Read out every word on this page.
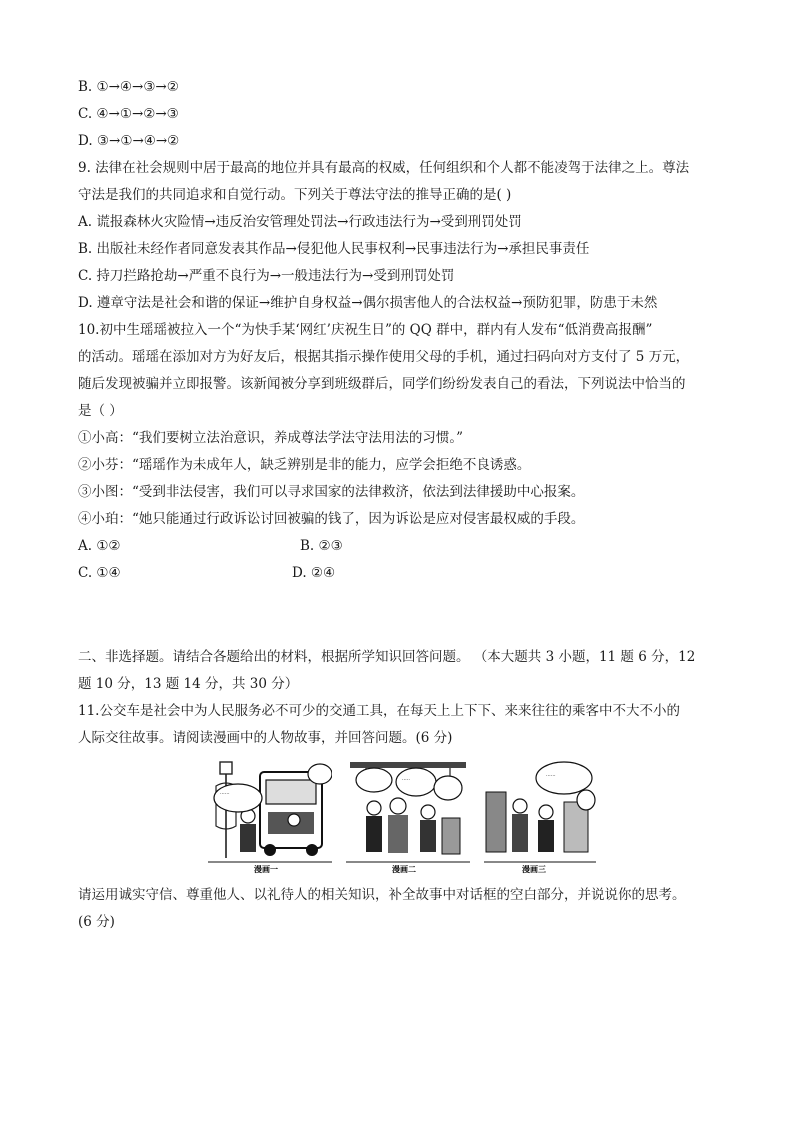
B. ①→④→③→②
C. ④→①→②→③
D. ③→①→④→②
9. 法律在社会规则中居于最高的地位并具有最高的权威，任何组织和个人都不能凌驾于法律之上。尊法
守法是我们的共同追求和自觉行动。下列关于尊法守法的推导正确的是( )
A. 谎报森林火灾险情→违反治安管理处罚法→行政违法行为→受到刑罚处罚
B. 出版社未经作者同意发表其作品→侵犯他人民事权利→民事违法行为→承担民事责任
C. 持刀拦路抢劫→严重不良行为→一般违法行为→受到刑罚处罚
D. 遵章守法是社会和谐的保证→维护自身权益→偶尔损害他人的合法权益→预防犯罪，防患于未然
10.初中生瑶瑶被拉入一个“为快手某‘网红’庆祝生日”的 QQ 群中，群内有人发布“低消费高报酬”
的活动。瑶瑶在添加对方为好友后，根据其指示操作使用父母的手机，通过扫码向对方支付了 5 万元，
随后发现被骗并立即报警。该新闻被分享到班级群后，同学们纷纷发表自己的看法，下列说法中恰当的
是（ ）
①小高：“我们要树立法治意识，养成尊法学法守法用法的习惯。”
②小芬：“瑶瑶作为未成年人，缺乏辨别是非的能力，应学会拒绝不良诱惑。
③小图：“受到非法侵害，我们可以寻求国家的法律救济，依法到法律援助中心报案。
④小珀：“她只能通过行政诉讼讨回被骗的钱了，因为诉讼是应对侵害最权威的手段。
A. ①②	B. ②③
C. ①④	D. ②④
二、非选择题。请结合各题给出的材料，根据所学知识回答问题。 （本大题共 3 小题，11 题 6 分，12
题 10 分，13 题 14 分，共 30 分）
11.公交车是社会中为人民服务必不可少的交通工具，在每天上上下下、来来往往的乘客中不大不小的
人际交往故事。请阅读漫画中的人物故事，并回答问题。(6 分)
......
漫画一
.....
漫画二
......
漫画三
请运用诚实守信、尊重他人、以礼待人的相关知识，补全故事中对话框的空白部分，并说说你的思考。
(6 分)
